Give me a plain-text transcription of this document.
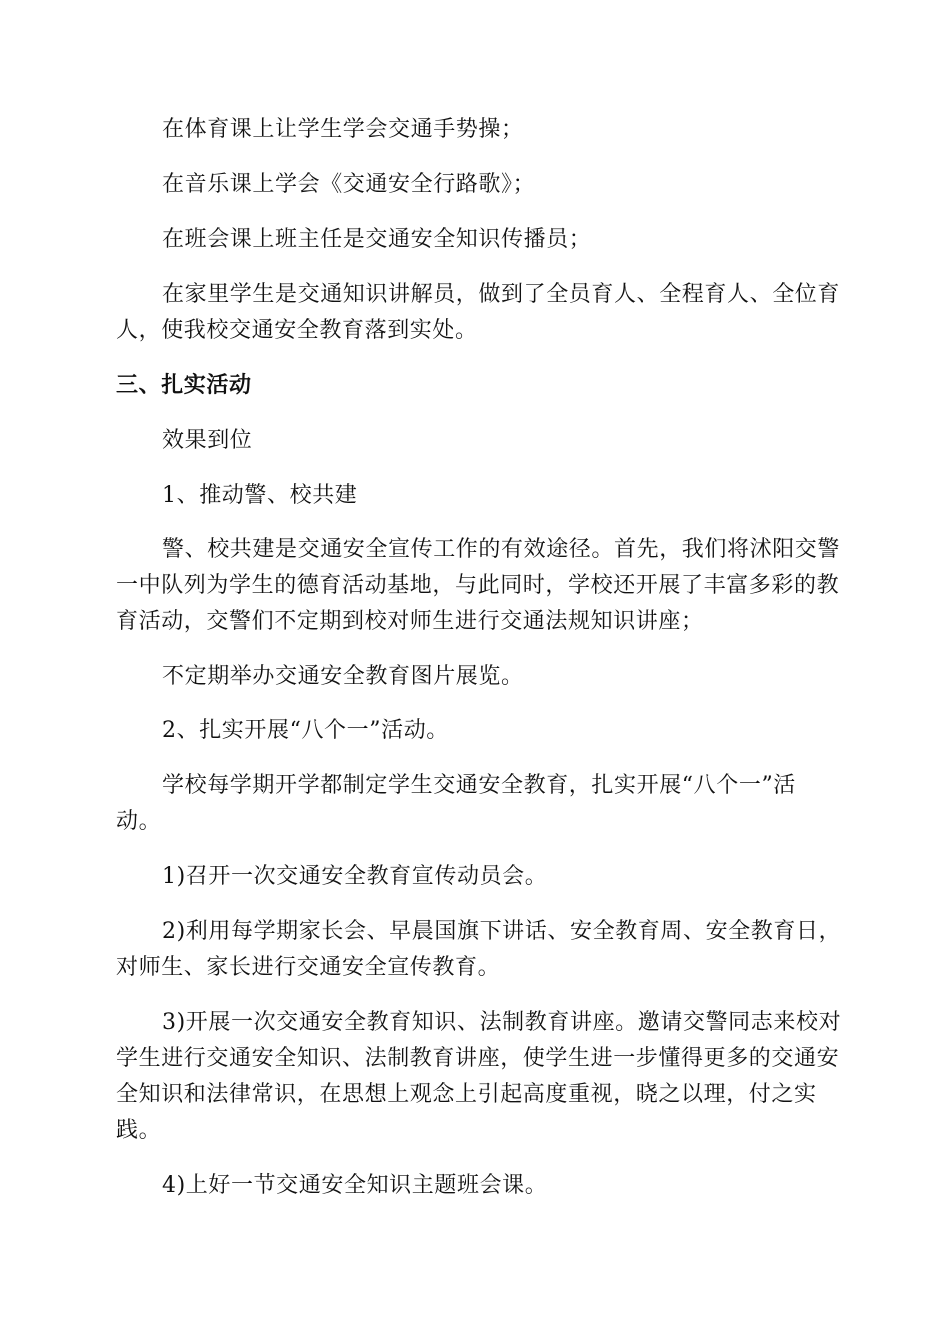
在体育课上让学生学会交通手势操；
在音乐课上学会《交通安全行路歌》；
在班会课上班主任是交通安全知识传播员；
在家里学生是交通知识讲解员，做到了全员育人、全程育人、全位育
人，使我校交通安全教育落到实处。
三、扎实活动
效果到位
1、推动警、校共建
警、校共建是交通安全宣传工作的有效途径。首先，我们将沭阳交警
一中队列为学生的德育活动基地，与此同时，学校还开展了丰富多彩的教
育活动，交警们不定期到校对师生进行交通法规知识讲座；
不定期举办交通安全教育图片展览。
2、扎实开展“八个一”活动。
学校每学期开学都制定学生交通安全教育，扎实开展“八个一”活
动。
1)召开一次交通安全教育宣传动员会。
2)利用每学期家长会、早晨国旗下讲话、安全教育周、安全教育日，
对师生、家长进行交通安全宣传教育。
3)开展一次交通安全教育知识、法制教育讲座。邀请交警同志来校对
学生进行交通安全知识、法制教育讲座，使学生进一步懂得更多的交通安
全知识和法律常识，在思想上观念上引起高度重视，晓之以理，付之实
践。
4)上好一节交通安全知识主题班会课。
